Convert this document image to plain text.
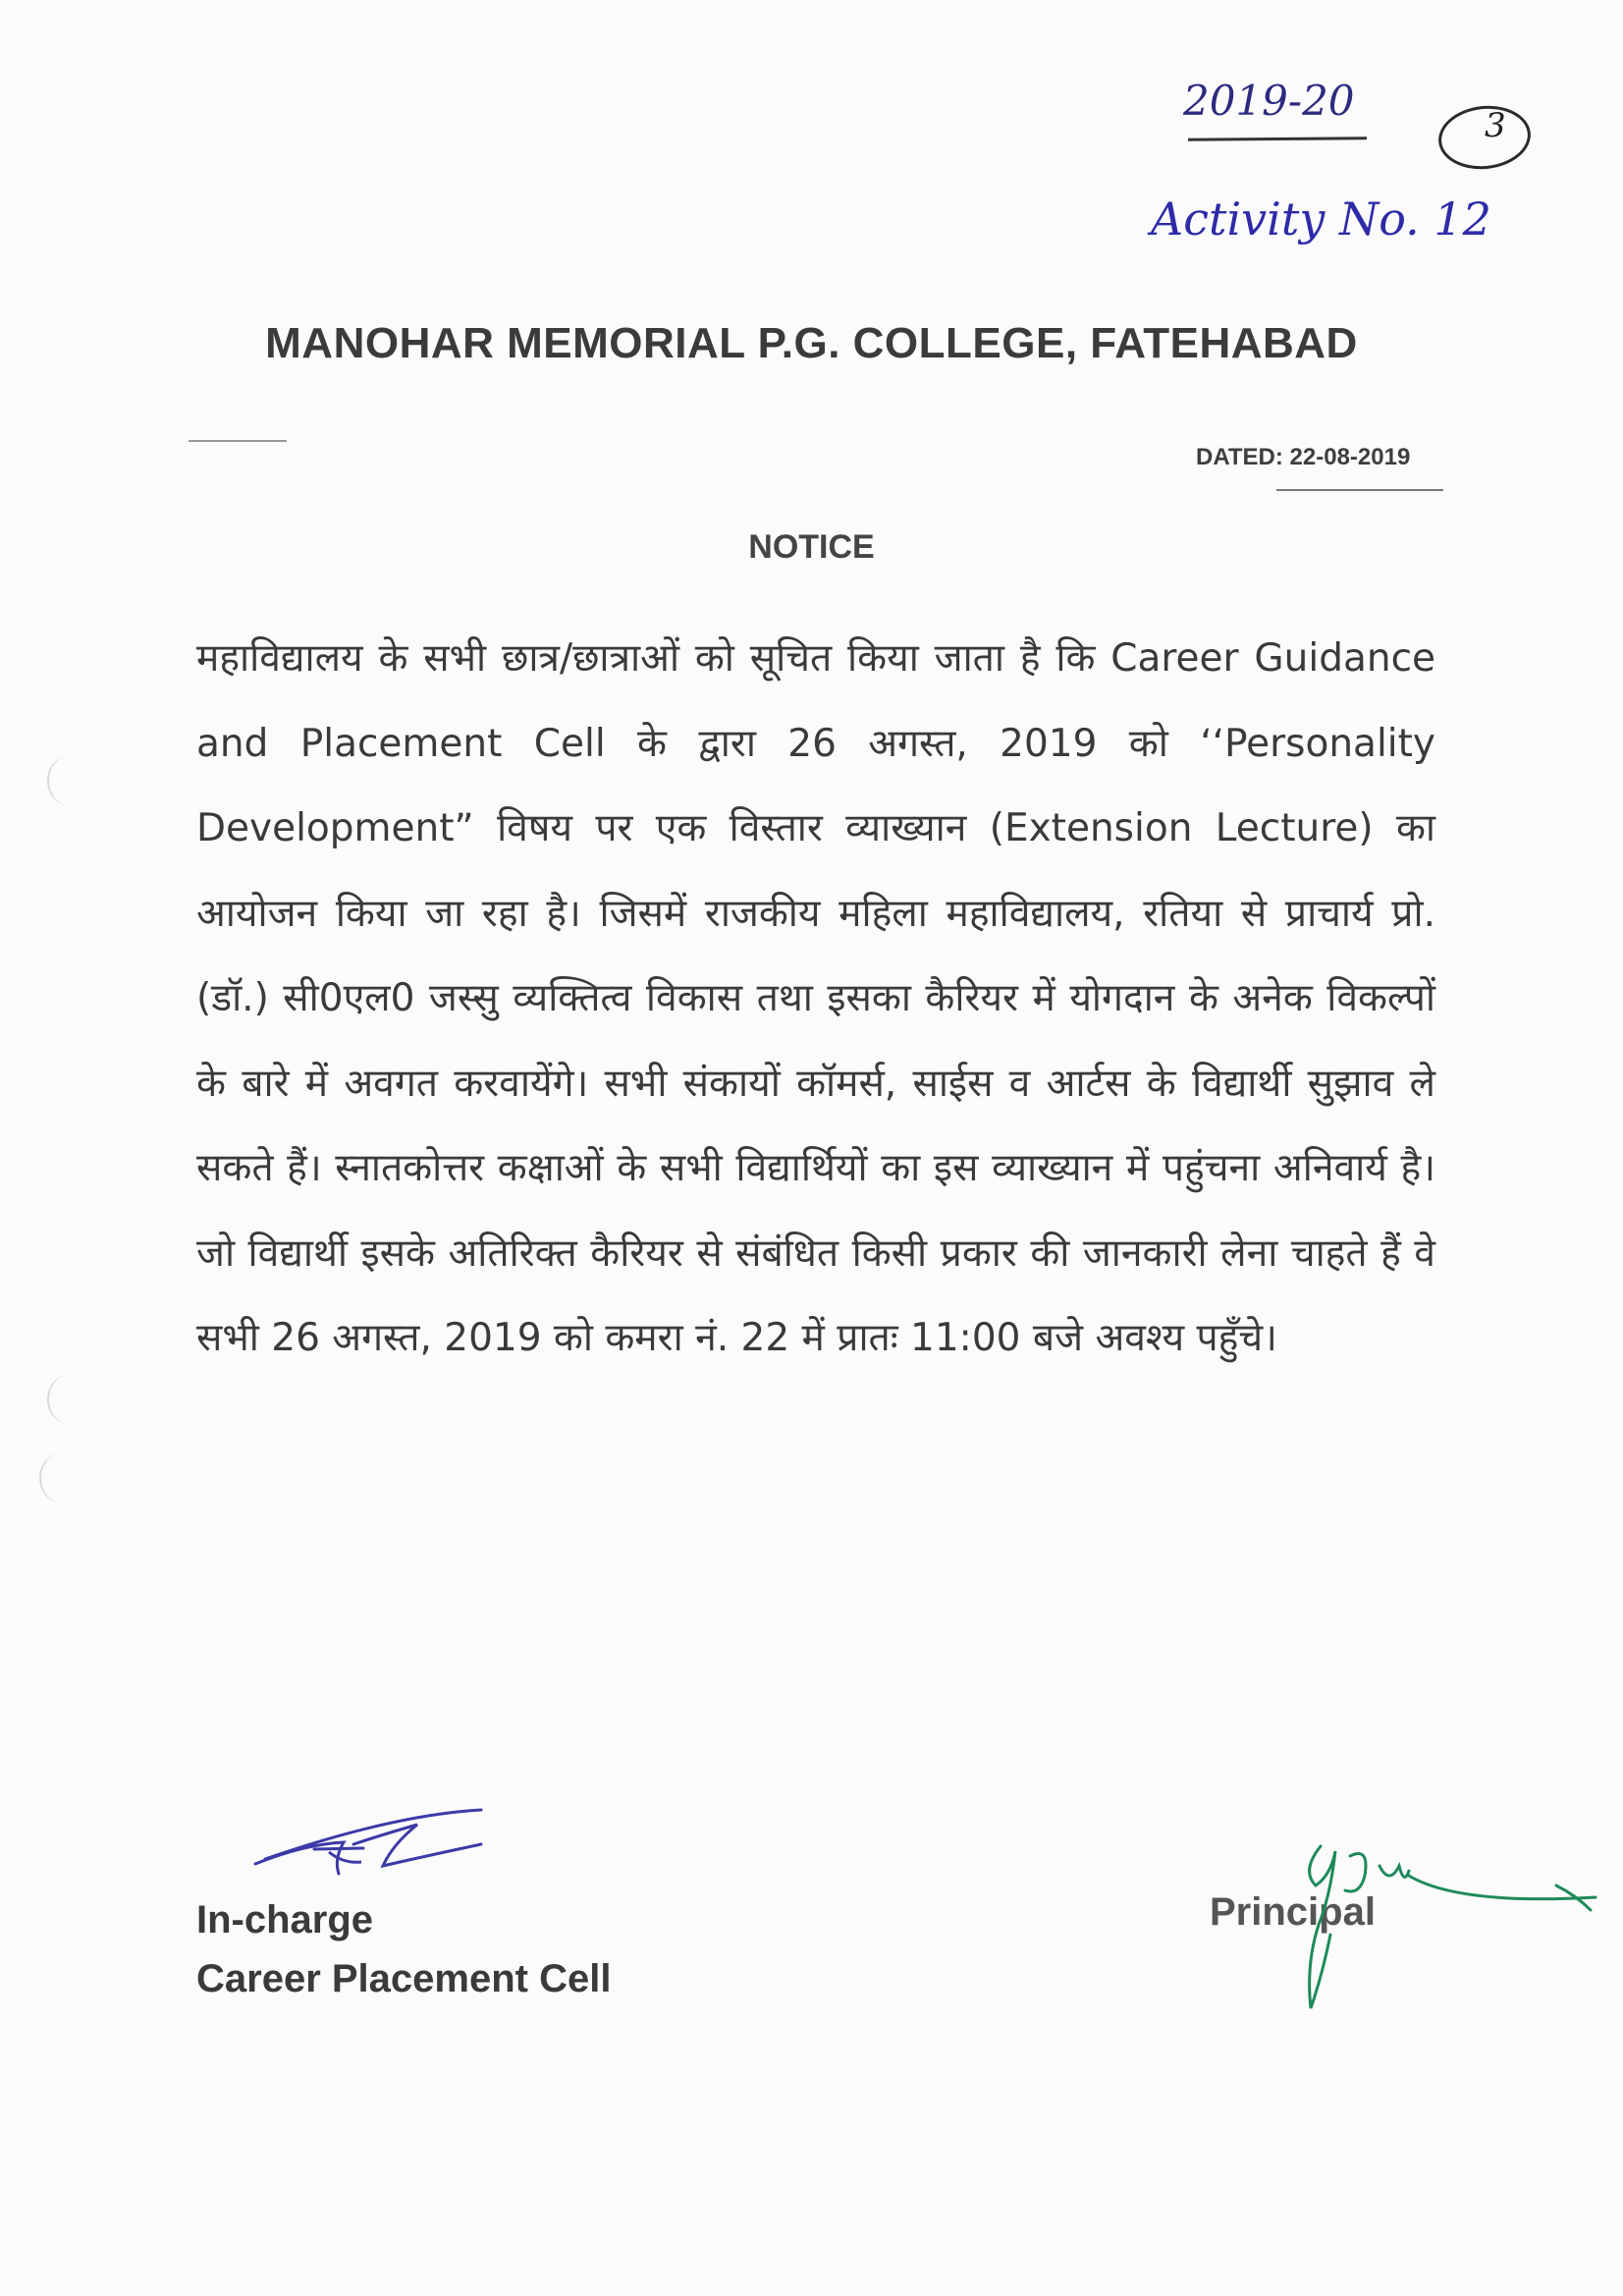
2019-20
3
Activity No. 12
MANOHAR MEMORIAL P.G. COLLEGE, FATEHABAD
DATED: 22-08-2019
NOTICE
महाविद्यालय के सभी छात्र/छात्राओं को सूचित किया जाता है कि Career Guidance and Placement Cell के द्वारा 26 अगस्त, 2019 को ‘‘Personality Development” विषय पर एक विस्तार व्याख्यान (Extension Lecture) का आयोजन किया जा रहा है। जिसमें राजकीय महिला महाविद्यालय, रतिया से प्राचार्य प्रो. (डॉ.) सी0एल0 जस्सु व्यक्तित्व विकास तथा इसका कैरियर में योगदान के अनेक विकल्पों के बारे में अवगत करवायेंगे। सभी संकायों कॉमर्स, साईस व आर्टस के विद्यार्थी सुझाव ले सकते हैं। स्नातकोत्तर कक्षाओं के सभी विद्यार्थियों का इस व्याख्यान में पहुंचना अनिवार्य है। जो विद्यार्थी इसके अतिरिक्त कैरियर से संबंधित किसी प्रकार की जानकारी लेना चाहते हैं वे सभी 26 अगस्त, 2019 को कमरा नं. 22 में प्रातः 11:00 बजे अवश्य पहुँचे।
In-charge
Career Placement Cell
Principal
